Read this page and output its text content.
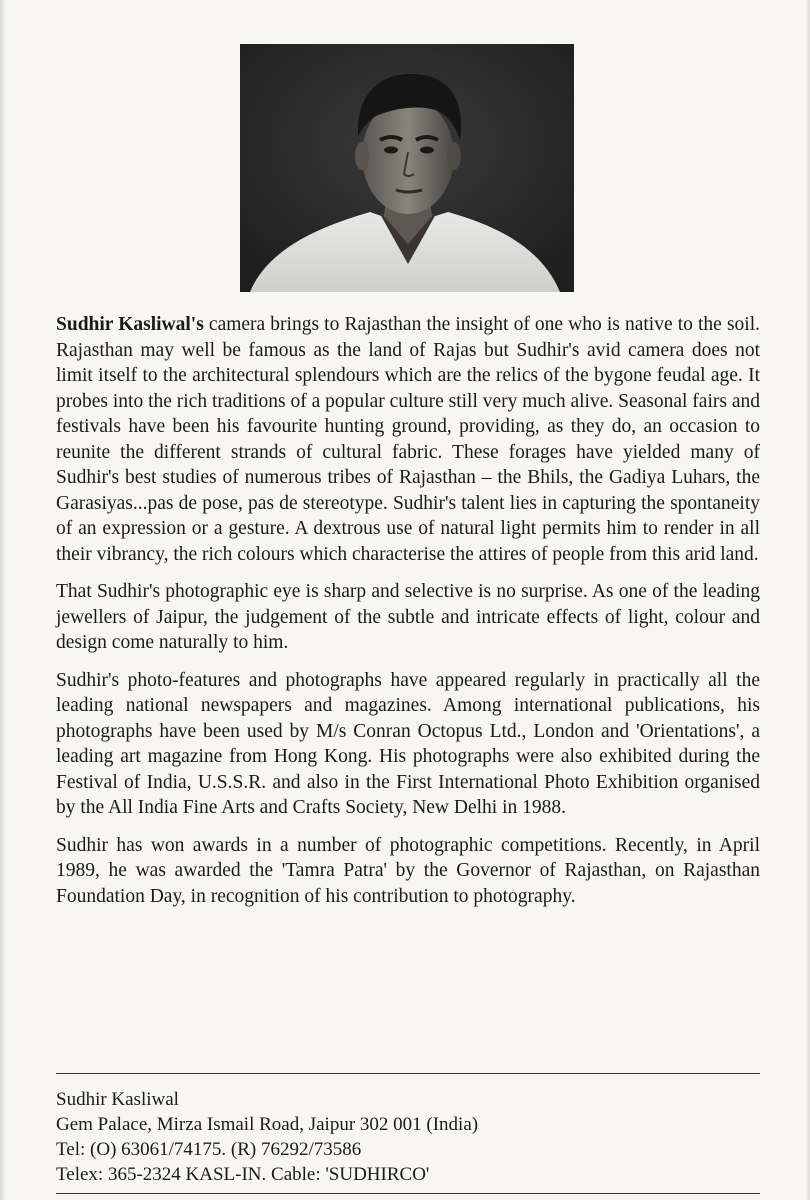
Sudhir Kasliwal's camera brings to Rajasthan the insight of one who is native to the soil. Rajasthan may well be famous as the land of Rajas but Sudhir's avid camera does not limit itself to the architectural splendours which are the relics of the bygone feudal age. It probes into the rich traditions of a popular culture still very much alive. Seasonal fairs and festivals have been his favourite hunting ground, providing, as they do, an occasion to reunite the different strands of cultural fabric. These forages have yielded many of Sudhir's best studies of numerous tribes of Rajasthan – the Bhils, the Gadiya Luhars, the Garasiyas...pas de pose, pas de stereotype. Sudhir's talent lies in capturing the spontaneity of an expression or a gesture. A dextrous use of natural light permits him to render in all their vibrancy, the rich colours which characterise the attires of people from this arid land.

That Sudhir's photographic eye is sharp and selective is no surprise. As one of the leading jewellers of Jaipur, the judgement of the subtle and intricate effects of light, colour and design come naturally to him.

Sudhir's photo-features and photographs have appeared regularly in practically all the leading national newspapers and magazines. Among international publications, his photographs have been used by M/s Conran Octopus Ltd., London and 'Orientations', a leading art magazine from Hong Kong. His photographs were also exhibited during the Festival of India, U.S.S.R. and also in the First International Photo Exhibition organised by the All India Fine Arts and Crafts Society, New Delhi in 1988.

Sudhir has won awards in a number of photographic competitions. Recently, in April 1989, he was awarded the 'Tamra Patra' by the Governor of Rajasthan, on Rajasthan Foundation Day, in recognition of his contribution to photography.

Sudhir Kasliwal
Gem Palace, Mirza Ismail Road, Jaipur 302 001 (India)
Tel: (O) 63061/74175. (R) 76292/73586
Telex: 365-2324 KASL-IN. Cable: 'SUDHIRCO'
